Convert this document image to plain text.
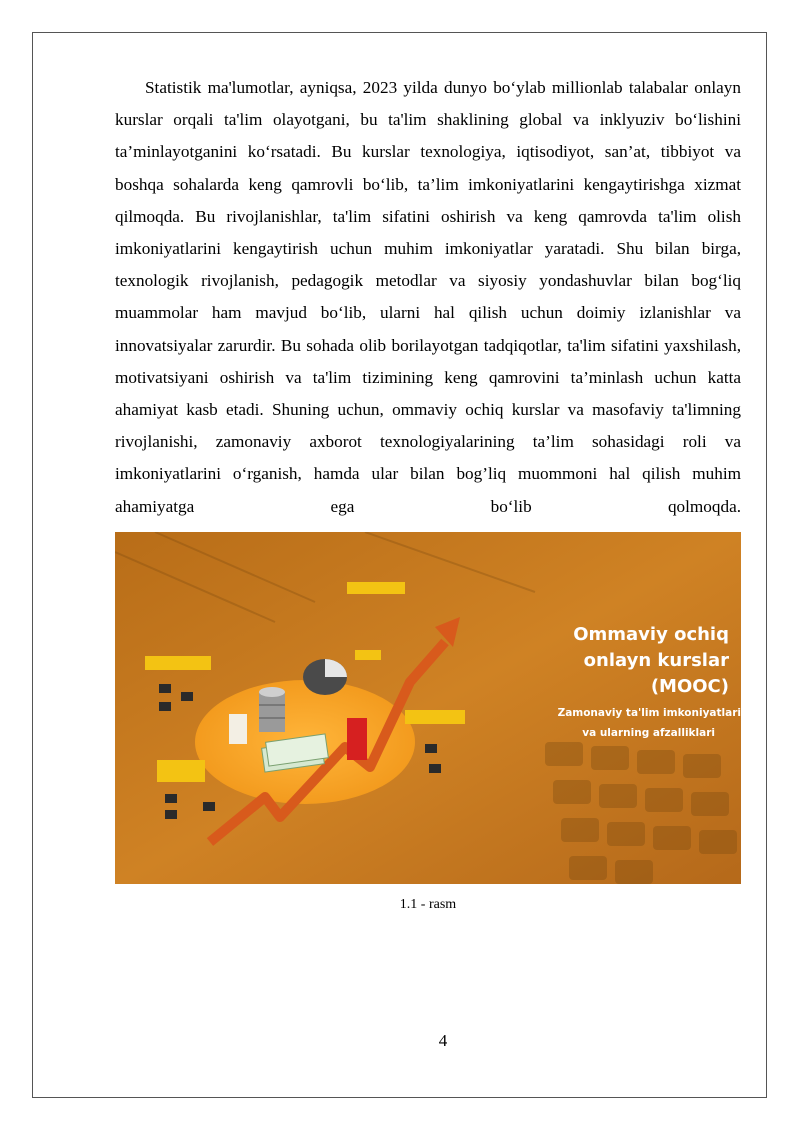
Statistik ma'lumotlar, ayniqsa, 2023 yilda dunyo bo‘ylab millionlab talabalar onlayn kurslar orqali ta'lim olayotgani, bu ta'lim shaklining global va inklyuziv bo‘lishini ta’minlayotganini ko‘rsatadi. Bu kurslar texnologiya, iqtisodiyot, san’at, tibbiyot va boshqa sohalarda keng qamrovli bo‘lib, ta’lim imkoniyatlarini kengaytirishga xizmat qilmoqda. Bu rivojlanishlar, ta'lim sifatini oshirish va keng qamrovda ta'lim olish imkoniyatlarini kengaytirish uchun muhim imkoniyatlar yaratadi. Shu bilan birga, texnologik rivojlanish, pedagogik metodlar va siyosiy yondashuvlar bilan bog‘liq muammolar ham mavjud bo‘lib, ularni hal qilish uchun doimiy izlanishlar va innovatsiyalar zarurdir. Bu sohada olib borilayotgan tadqiqotlar, ta'lim sifatini yaxshilash, motivatsiyani oshirish va ta'lim tizimining keng qamrovini ta’minlash uchun katta ahamiyat kasb etadi. Shuning uchun, ommaviy ochiq kurslar va masofaviy ta'limning rivojlanishi, zamonaviy axborot texnologiyalarining ta’lim sohasidagi roli va imkoniyatlarini o‘rganish, hamda ular bilan bog’liq muommoni hal qilish muhim ahamiyatga ega bo‘lib qolmoqda.

Ommaviy ochiq
onlayn kurslar
(MOOC)
Zamonaviy ta'lim imkoniyatlari
va ularning afzalliklari
1.1 - rasm
4
